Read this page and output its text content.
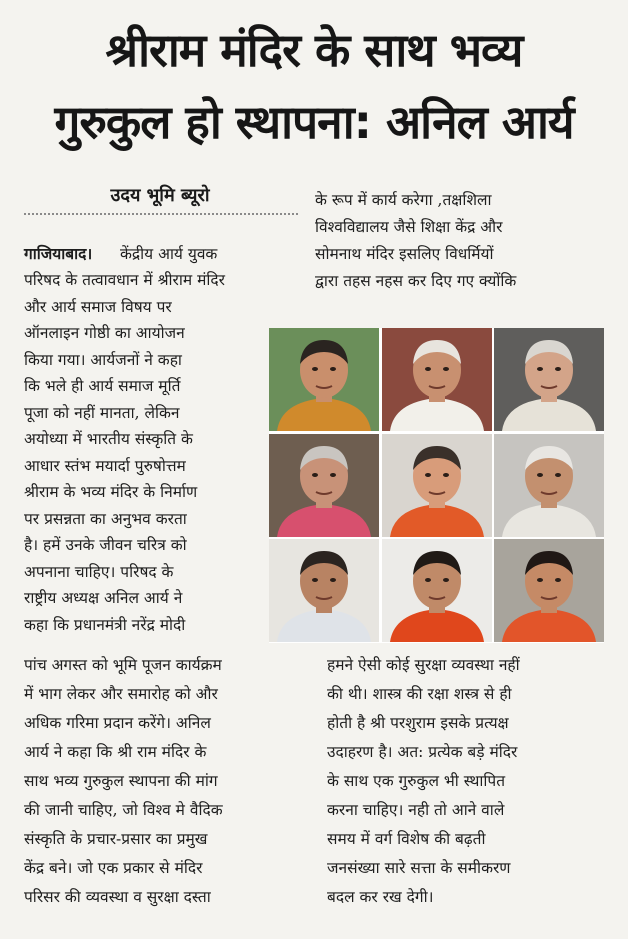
श्रीराम मंदिर के साथ भव्य
गुरुकुल हो स्थापना: अनिल आर्य
उदय भूमि ब्यूरो
गाजियाबाद। केंद्रीय आर्य युवक
परिषद के तत्वावधान में श्रीराम मंदिर
और आर्य समाज विषय पर
ऑनलाइन गोष्ठी का आयोजन
किया गया। आर्यजनों ने कहा
कि भले ही आर्य समाज मूर्ति
पूजा को नहीं मानता, लेकिन
अयोध्या में भारतीय संस्कृति के
आधार स्तंभ मयार्दा पुरुषोत्तम
श्रीराम के भव्य मंदिर के निर्माण
पर प्रसन्नता का अनुभव करता
है। हमें उनके जीवन चरित्र को
अपनाना चाहिए। परिषद के
राष्ट्रीय अध्यक्ष अनिल आर्य ने
कहा कि प्रधानमंत्री नरेंद्र मोदी
के रूप में कार्य करेगा ,तक्षशिला
विश्वविद्यालय जैसे शिक्षा केंद्र और
सोमनाथ मंदिर इसलिए विधर्मियों
द्वारा तहस नहस कर दिए गए क्योंकि
पांच अगस्त को भूमि पूजन कार्यक्रम
में भाग लेकर और समारोह को और
अधिक गरिमा प्रदान करेंगे। अनिल
आर्य ने कहा कि श्री राम मंदिर के
साथ भव्य गुरुकुल स्थापना की मांग
की जानी चाहिए, जो विश्व मे वैदिक
संस्कृति के प्रचार-प्रसार का प्रमुख
केंद्र बने। जो एक प्रकार से मंदिर
परिसर की व्यवस्था व सुरक्षा दस्ता
हमने ऐसी कोई सुरक्षा व्यवस्था नहीं
की थी। शास्त्र की रक्षा शस्त्र से ही
होती है श्री परशुराम इसके प्रत्यक्ष
उदाहरण है। अत: प्रत्येक बड़े मंदिर
के साथ एक गुरुकुल भी स्थापित
करना चाहिए। नही तो आने वाले
समय में वर्ग विशेष की बढ़ती
जनसंख्या सारे सत्ता के समीकरण
बदल कर रख देगी।
